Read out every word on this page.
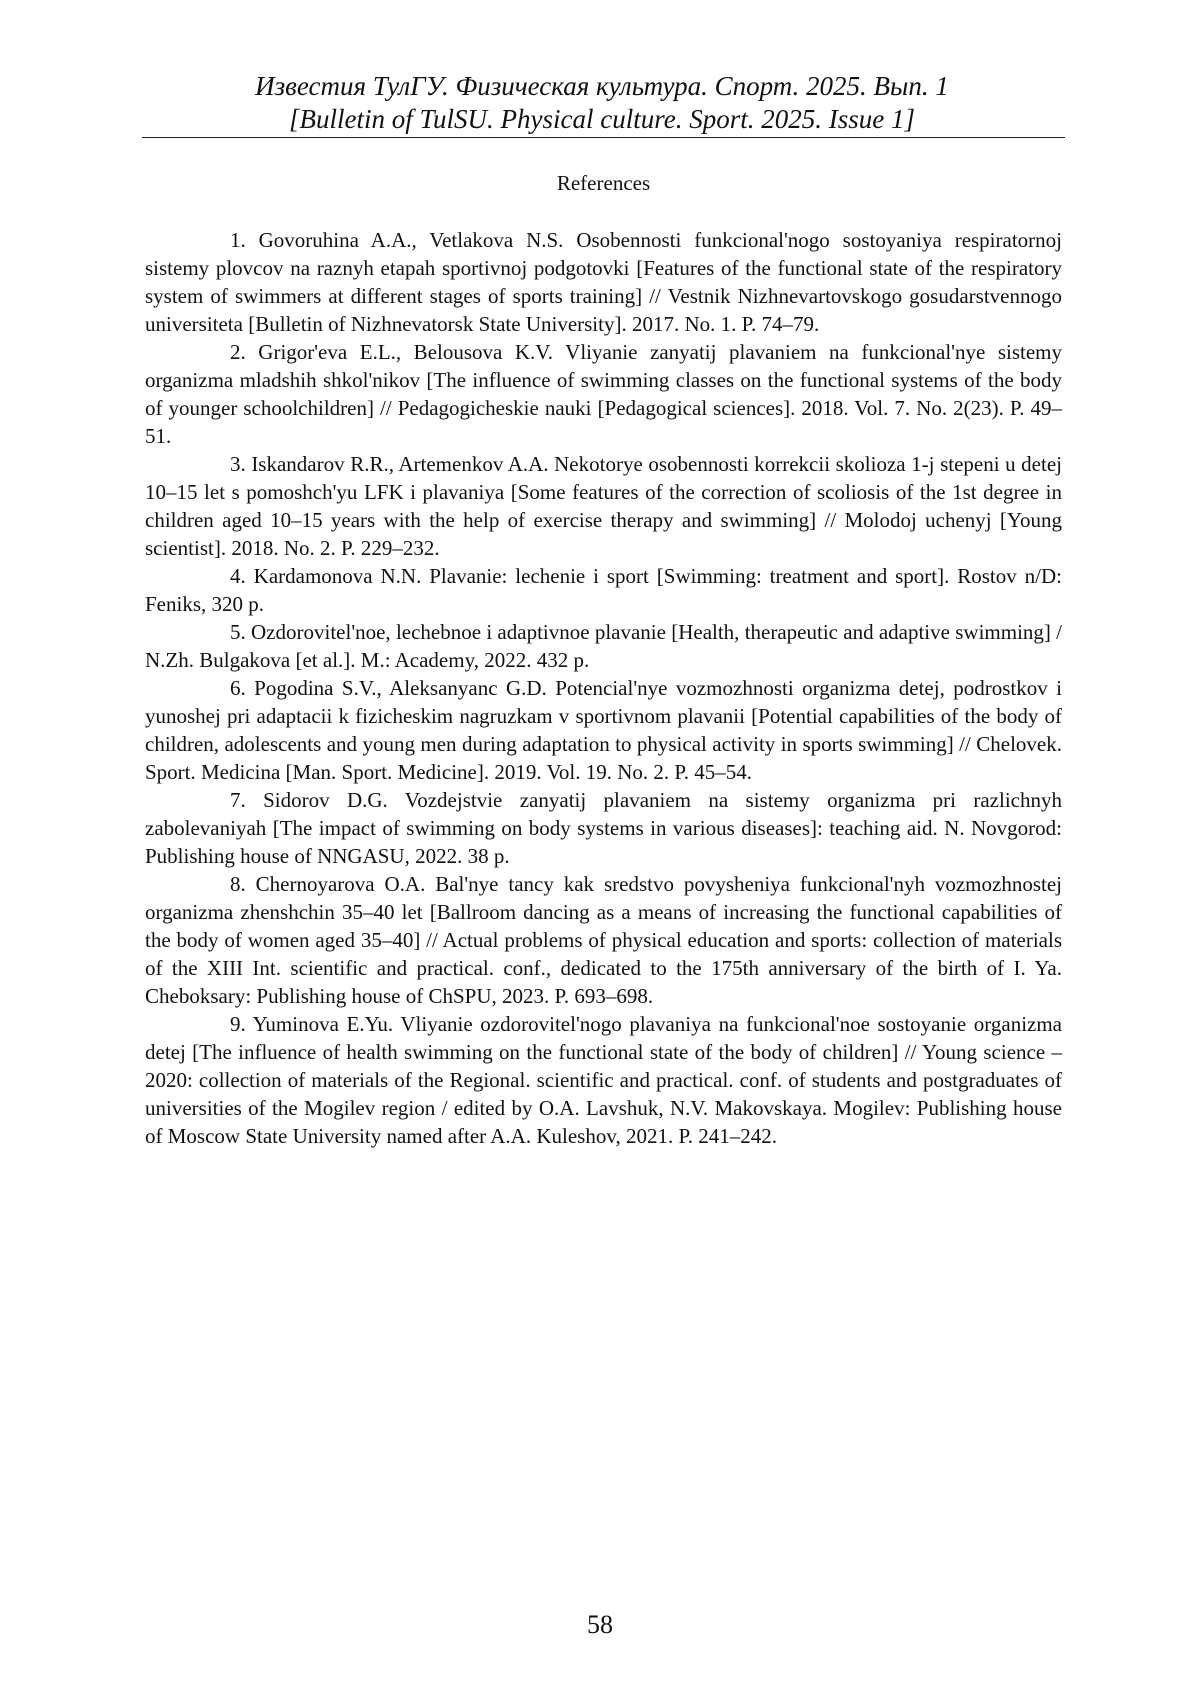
Известия ТулГУ. Физическая культура. Спорт. 2025. Вып. 1
[Bulletin of TulSU. Physical culture. Sport. 2025. Issue 1]
References
1. Govoruhina A.A., Vetlakova N.S. Osobennosti funkcional'nogo sostoyaniya respiratornoj sistemy plovcov na raznyh etapah sportivnoj podgotovki [Features of the functional state of the respiratory system of swimmers at different stages of sports training] // Vestnik Nizhnevartovskogo gosudarstvennogo universiteta [Bulletin of Nizhnevatorsk State University]. 2017. No. 1. P. 74–79.
2. Grigor'eva E.L., Belousova K.V. Vliyanie zanyatij plavaniem na funkcional'nye sistemy organizma mladshih shkol'nikov [The influence of swimming classes on the functional systems of the body of younger schoolchildren] // Pedagogicheskie nauki [Pedagogical sciences]. 2018. Vol. 7. No. 2(23). P. 49–51.
3. Iskandarov R.R., Artemenkov A.A. Nekotorye osobennosti korrekcii skolioza 1-j stepeni u detej 10–15 let s pomoshch'yu LFK i plavaniya [Some features of the correction of scoliosis of the 1st degree in children aged 10–15 years with the help of exercise therapy and swimming] // Molodoj uchenyj [Young scientist]. 2018. No. 2. P. 229–232.
4. Kardamonova N.N. Plavanie: lechenie i sport [Swimming: treatment and sport]. Rostov n/D: Feniks, 320 p.
5. Ozdorovitel'noe, lechebnoe i adaptivnoe plavanie [Health, therapeutic and adaptive swimming] / N.Zh. Bulgakova [et al.]. M.: Academy, 2022. 432 p.
6. Pogodina S.V., Aleksanyanc G.D. Potencial'nye vozmozhnosti organizma detej, podrostkov i yunoshej pri adaptacii k fizicheskim nagruzkam v sportivnom plavanii [Potential capabilities of the body of children, adolescents and young men during adaptation to physical activity in sports swimming] // Chelovek. Sport. Medicina [Man. Sport. Medicine]. 2019. Vol. 19. No. 2. P. 45–54.
7. Sidorov D.G. Vozdejstvie zanyatij plavaniem na sistemy organizma pri razlichnyh zabolevaniyah [The impact of swimming on body systems in various diseases]: teaching aid. N. Novgorod: Publishing house of NNGASU, 2022. 38 p.
8. Chernoyarova O.A. Bal'nye tancy kak sredstvo povysheniya funkcional'nyh vozmozhnostej organizma zhenshchin 35–40 let [Ballroom dancing as a means of increasing the functional capabilities of the body of women aged 35–40] // Actual problems of physical education and sports: collection of materials of the XIII Int. scientific and practical. conf., dedicated to the 175th anniversary of the birth of I. Ya. Cheboksary: Publishing house of ChSPU, 2023. P. 693–698.
9. Yuminova E.Yu. Vliyanie ozdorovitel'nogo plavaniya na funkcional'noe sostoyanie organizma detej [The influence of health swimming on the functional state of the body of children] // Young science – 2020: collection of materials of the Regional. scientific and practical. conf. of students and postgraduates of universities of the Mogilev region / edited by O.A. Lavshuk, N.V. Makovskaya. Mogilev: Publishing house of Moscow State University named after A.A. Kuleshov, 2021. P. 241–242.
58
